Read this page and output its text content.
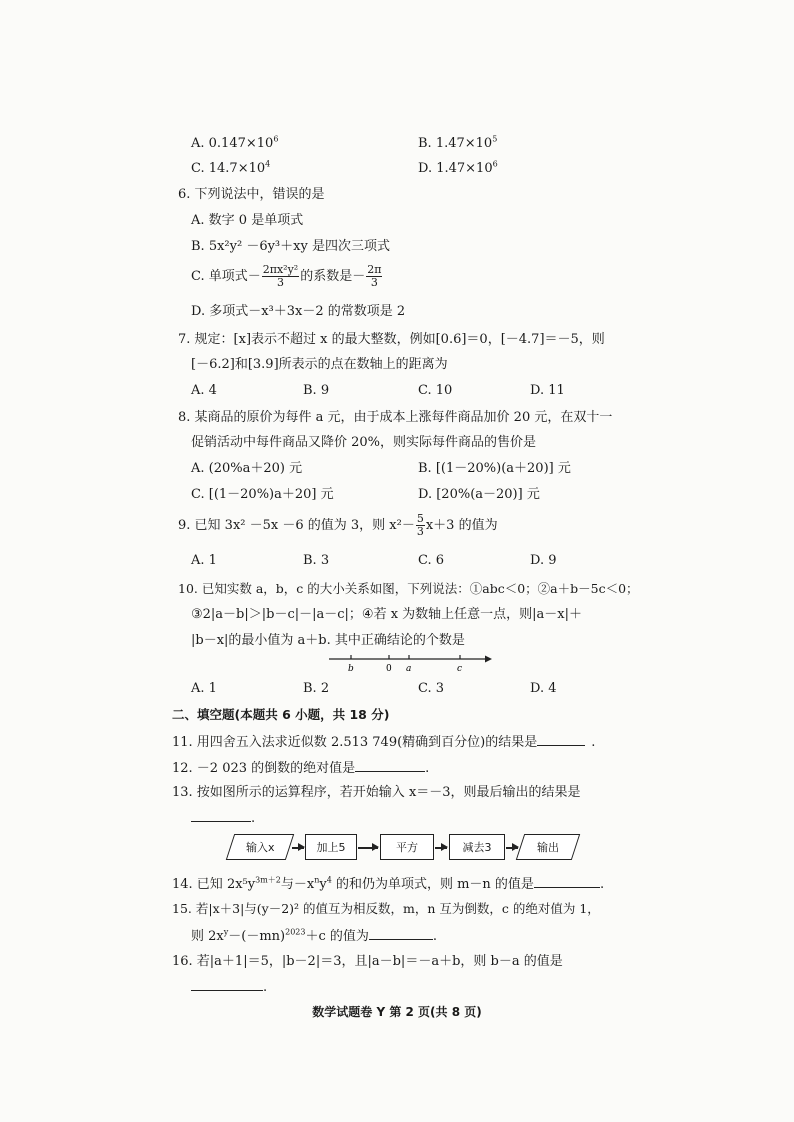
A. $0.147\times 10^6$	B. $1.47\times 10^5$
C. $14.7\times 10^4$	D. $1.47\times 10^6$
6. 下列说法中，错误的是
A. 数字 0 是单项式
B. 5x²y² －6y³＋xy 是四次三项式
C. 单项式－ $\frac{\text{2πx²y²}}{3}$ 的系数是－ $\frac{2\pi}{3}$
D. 多项式－x³＋3x－2 的常数项是 2
7. 规定：[x]表示不超过 x 的最大整数，例如[0.6]＝0，[－4.7]＝－5，则
[－6.2]和[3.9]所表示的点在数轴上的距离为
A. 4	B. 9	C. 10	D. 11
8. 某商品的原价为每件 a 元，由于成本上涨每件商品加价 20 元，在双十一
促销活动中每件商品又降价 20%，则实际每件商品的售价是
A. (20%a＋20) 元	B. [(1－20%)(a＋20)] 元
C. [(1－20%)a＋20] 元	D. [20%(a－20)] 元
9. 已知 3x² －5x －6 的值为 3，则 $x^2- \frac{5}{3} x+3$ 的值为
A. 1	B. 3	C. 6	D. 9
10. 已知实数 a，b，c 的大小关系如图，下列说法：①abc＜0；②a＋b－5c＜0；
③2|a－b|＞|b－c|－|a－c|；④若 x 为数轴上任意一点，则|a－x|＋
|b－x|的最小值为 a＋b. 其中正确结论的个数是
b	0 a	c
A. 1	B. 2	C. 3	D. 4
二、填空题(本题共 6 小题，共 18 分)
11. 用四舍五入法求近似数 2.513 749(精确到百分位)的结果是	.
12. －2 023 的倒数的绝对值是	.
13. 按如图所示的运算程序，若开始输入 x＝－3，则最后输出的结果是
.
输入x	加上5	平方	减去3	输出
14. 已知 $2x^5y^{3m+2}$与$-x^ny^4$ 的和仍为单项式，则 m－n 的值是	.
15. 若|x＋3|与(y－2)² 的值互为相反数，m，n 互为倒数，c 的绝对值为 1，
则 $2x^y-(-mn)^{2023}+c$ 的值为	.
16. 若|a＋1|＝5，|b－2|＝3，且|a－b|＝－a＋b，则 b－a 的值是
.
数学试题卷 Y 第 2 页(共 8 页)
